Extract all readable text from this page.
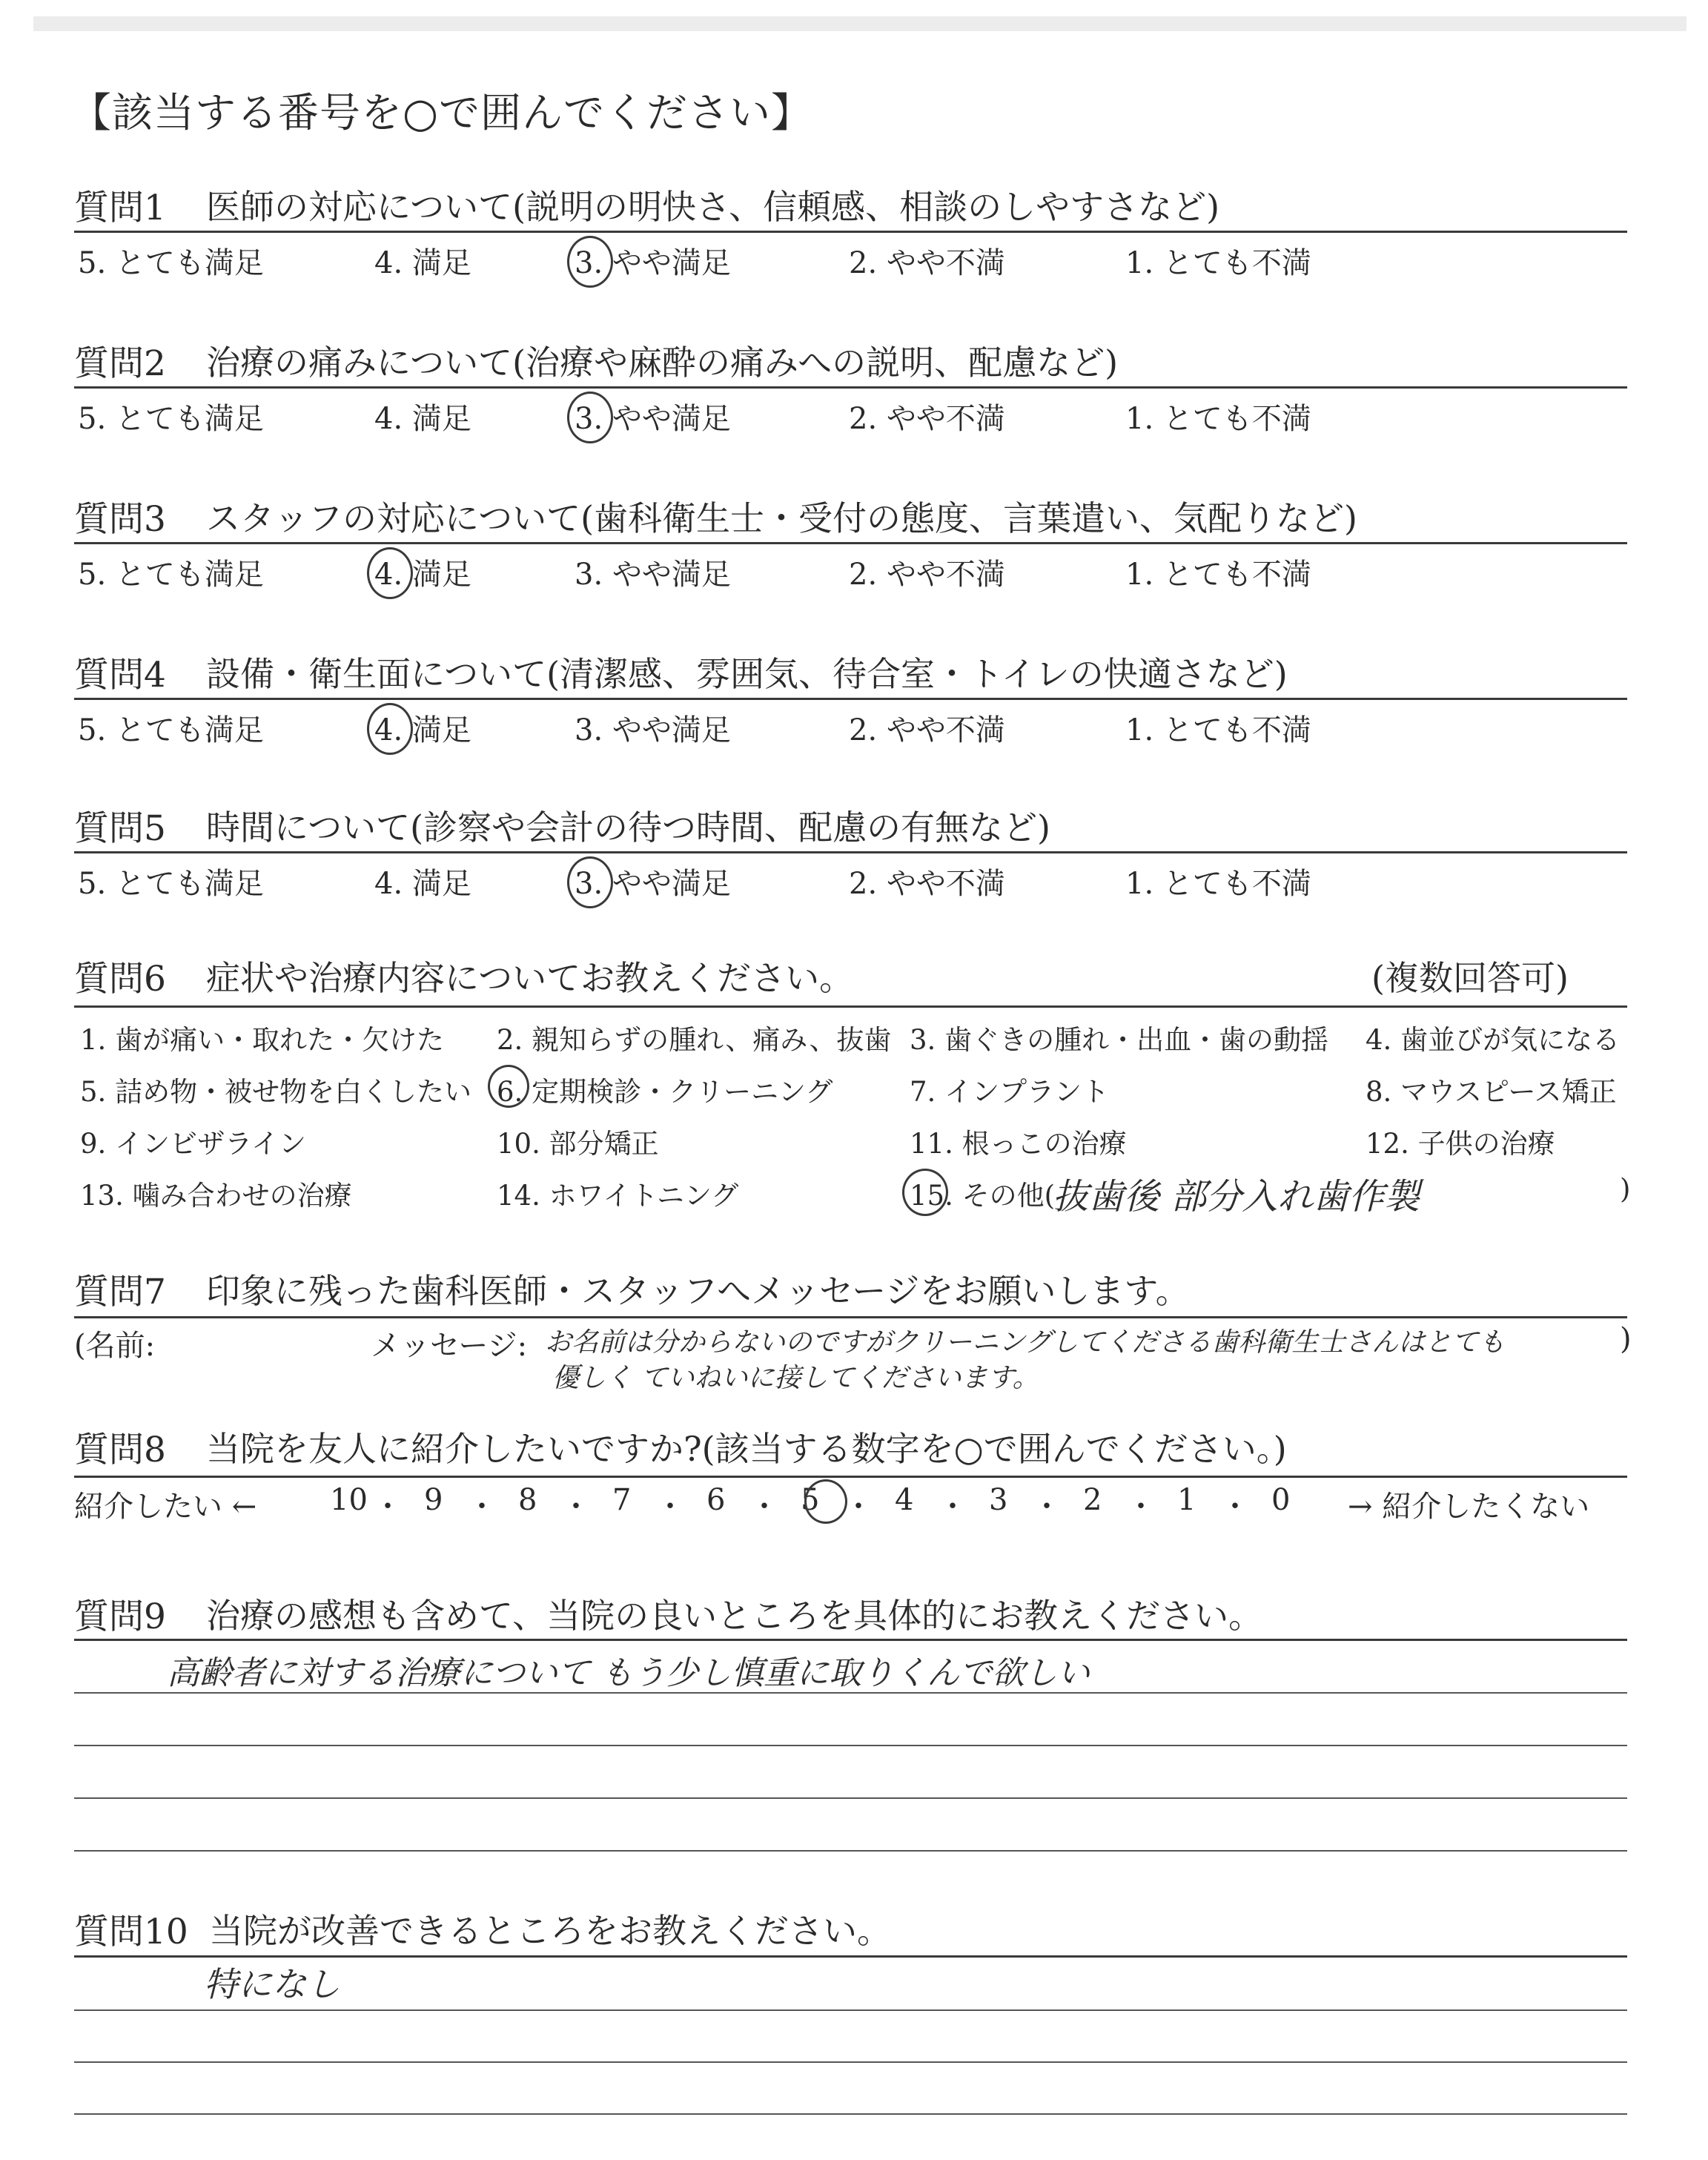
【該当する番号を○で囲んでください】
質問1 医師の対応について(説明の明快さ、信頼感、相談のしやすさなど)
5. とても満足	4. 満足	3. やや満足	2. やや不満	1. とても不満
質問2 治療の痛みについて(治療や麻酔の痛みへの説明、配慮など)
5. とても満足	4. 満足	3. やや満足	2. やや不満	1. とても不満
質問3 スタッフの対応について(歯科衛生士・受付の態度、言葉遣い、気配りなど)
5. とても満足	4. 満足	3. やや満足	2. やや不満	1. とても不満
質問4 設備・衛生面について(清潔感、雰囲気、待合室・トイレの快適さなど)
5. とても満足	4. 満足	3. やや満足	2. やや不満	1. とても不満
質問5 時間について(診察や会計の待つ時間、配慮の有無など)
5. とても満足	4. 満足	3. やや満足	2. やや不満	1. とても不満
質問6 症状や治療内容についてお教えください。	(複数回答可)
1. 歯が痛い・取れた・欠けた 2. 親知らずの腫れ、痛み、抜歯 3. 歯ぐきの腫れ・出血・歯の動揺 4. 歯並びが気になる
5. 詰め物・被せ物を白くしたい 6. 定期検診・クリーニング	7. インプラント	8. マウスピース矯正
9. インビザライン	10. 部分矯正	11. 根っこの治療	12. 子供の治療
13. 噛み合わせの治療	14. ホワイトニング	15. その他(	)
抜歯後 部分入れ歯作製
質問7 印象に残った歯科医師・スタッフへメッセージをお願いします。
(名前:	メッセージ:	)
お名前は分からないのですがクリーニングしてくださる歯科衛生士さんはとても
優しく ていねいに接してくださいます。
質問8 当院を友人に紹介したいですか?(該当する数字を○で囲んでください。)
紹介したい ←	→ 紹介したくない
10 ・ 9 ・ 8 ・ 7 ・ 6 ・ 5 ・ 4 ・ 3 ・ 2 ・ 1 ・ 0
質問9 治療の感想も含めて、当院の良いところを具体的にお教えください。
高齢者に対する治療について もう少し慎重に取りくんで欲しい
質問10 当院が改善できるところをお教えください。
特になし
